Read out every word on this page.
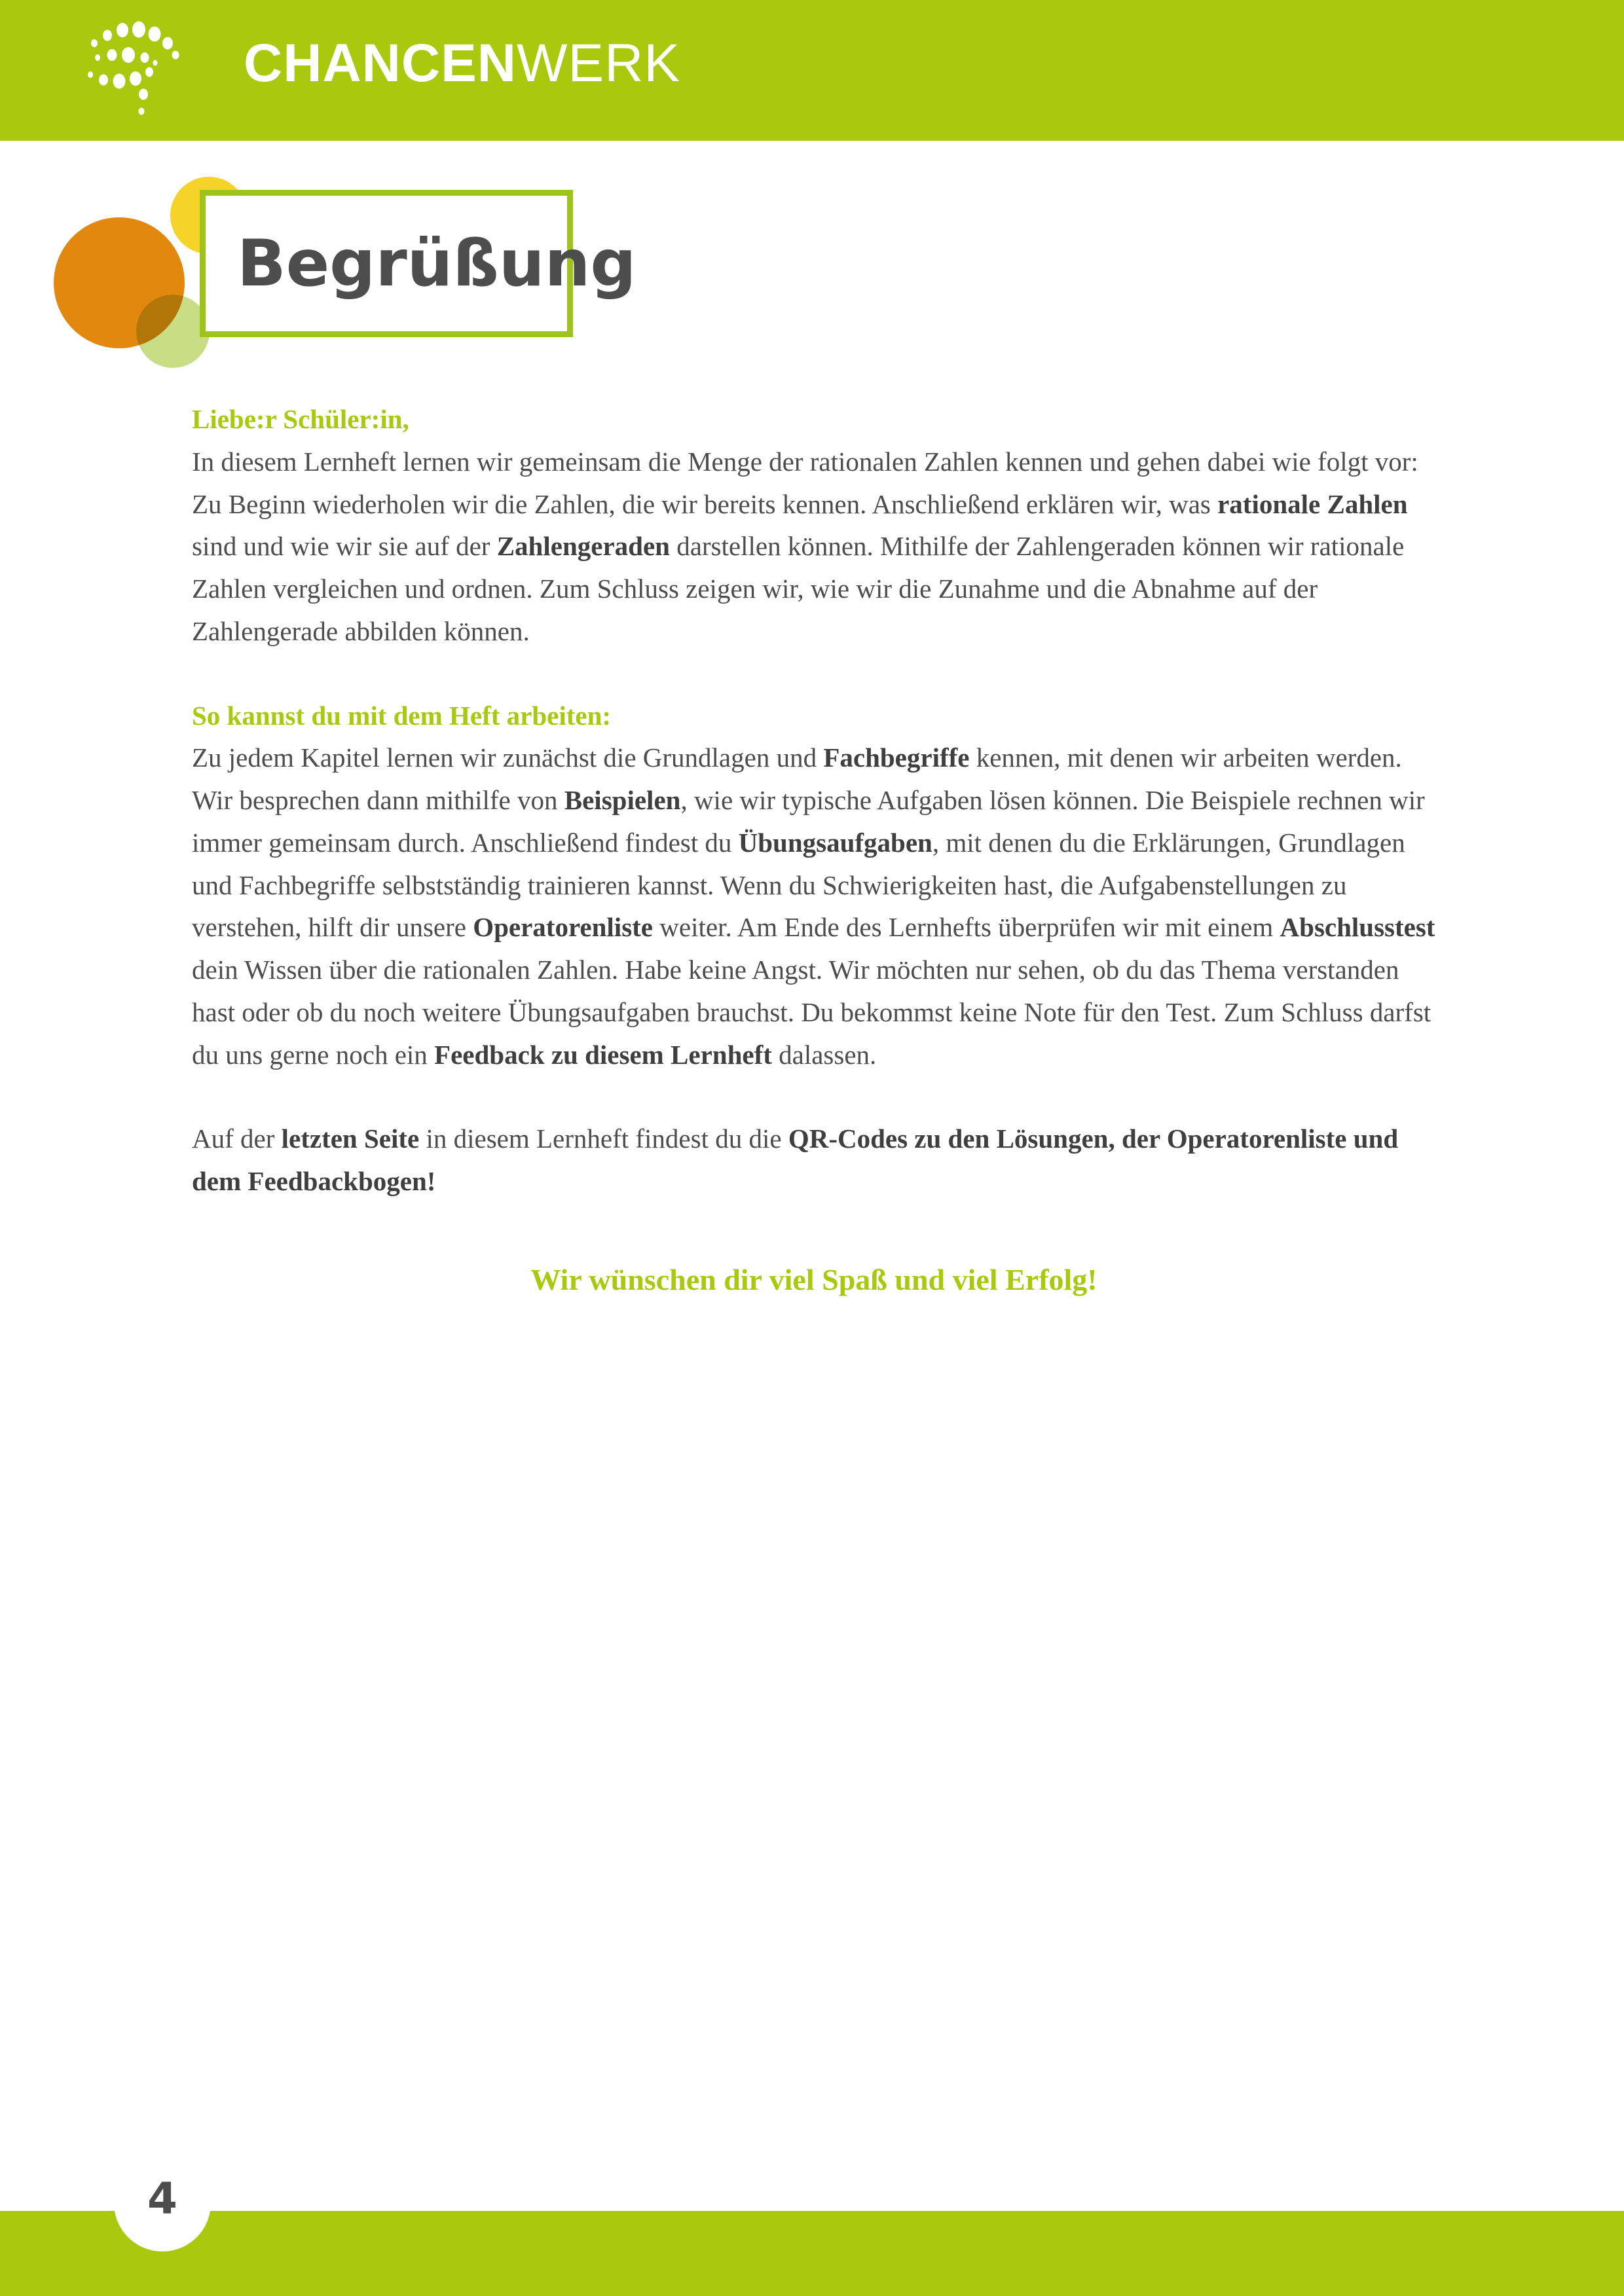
CHANCENWERK
Begrüßung

Liebe:r Schüler:in,

In diesem Lernheft lernen wir gemeinsam die Menge der rationalen Zahlen kennen und gehen dabei wie folgt vor:
Zu Beginn wiederholen wir die Zahlen, die wir bereits kennen. Anschließend erklären wir, was rationale Zahlen sind und wie wir sie auf der Zahlengeraden darstellen können. Mithilfe der Zahlengeraden können wir rationale Zahlen vergleichen und ordnen. Zum Schluss zeigen wir, wie wir die Zunahme und die Abnahme auf der Zahlengerade abbilden können.

So kannst du mit dem Heft arbeiten:

Zu jedem Kapitel lernen wir zunächst die Grundlagen und Fachbegriffe kennen, mit denen wir arbeiten werden. Wir besprechen dann mithilfe von Beispielen, wie wir typische Aufgaben lösen können. Die Beispiele rechnen wir immer gemeinsam durch. Anschließend findest du Übungsaufgaben, mit denen du die Erklärungen, Grundlagen und Fachbegriffe selbstständig trainieren kannst. Wenn du Schwierigkeiten hast, die Aufgabenstellungen zu verstehen, hilft dir unsere Operatorenliste weiter. Am Ende des Lernhefts überprüfen wir mit einem Abschlusstest dein Wissen über die rationalen Zahlen. Habe keine Angst. Wir möchten nur sehen, ob du das Thema verstanden hast oder ob du noch weitere Übungsaufgaben brauchst. Du bekommst keine Note für den Test. Zum Schluss darfst du uns gerne noch ein Feedback zu diesem Lernheft dalassen.

Auf der letzten Seite in diesem Lernheft findest du die QR-Codes zu den Lösungen, der Operatorenliste und dem Feedbackbogen!

Wir wünschen dir viel Spaß und viel Erfolg!

4
